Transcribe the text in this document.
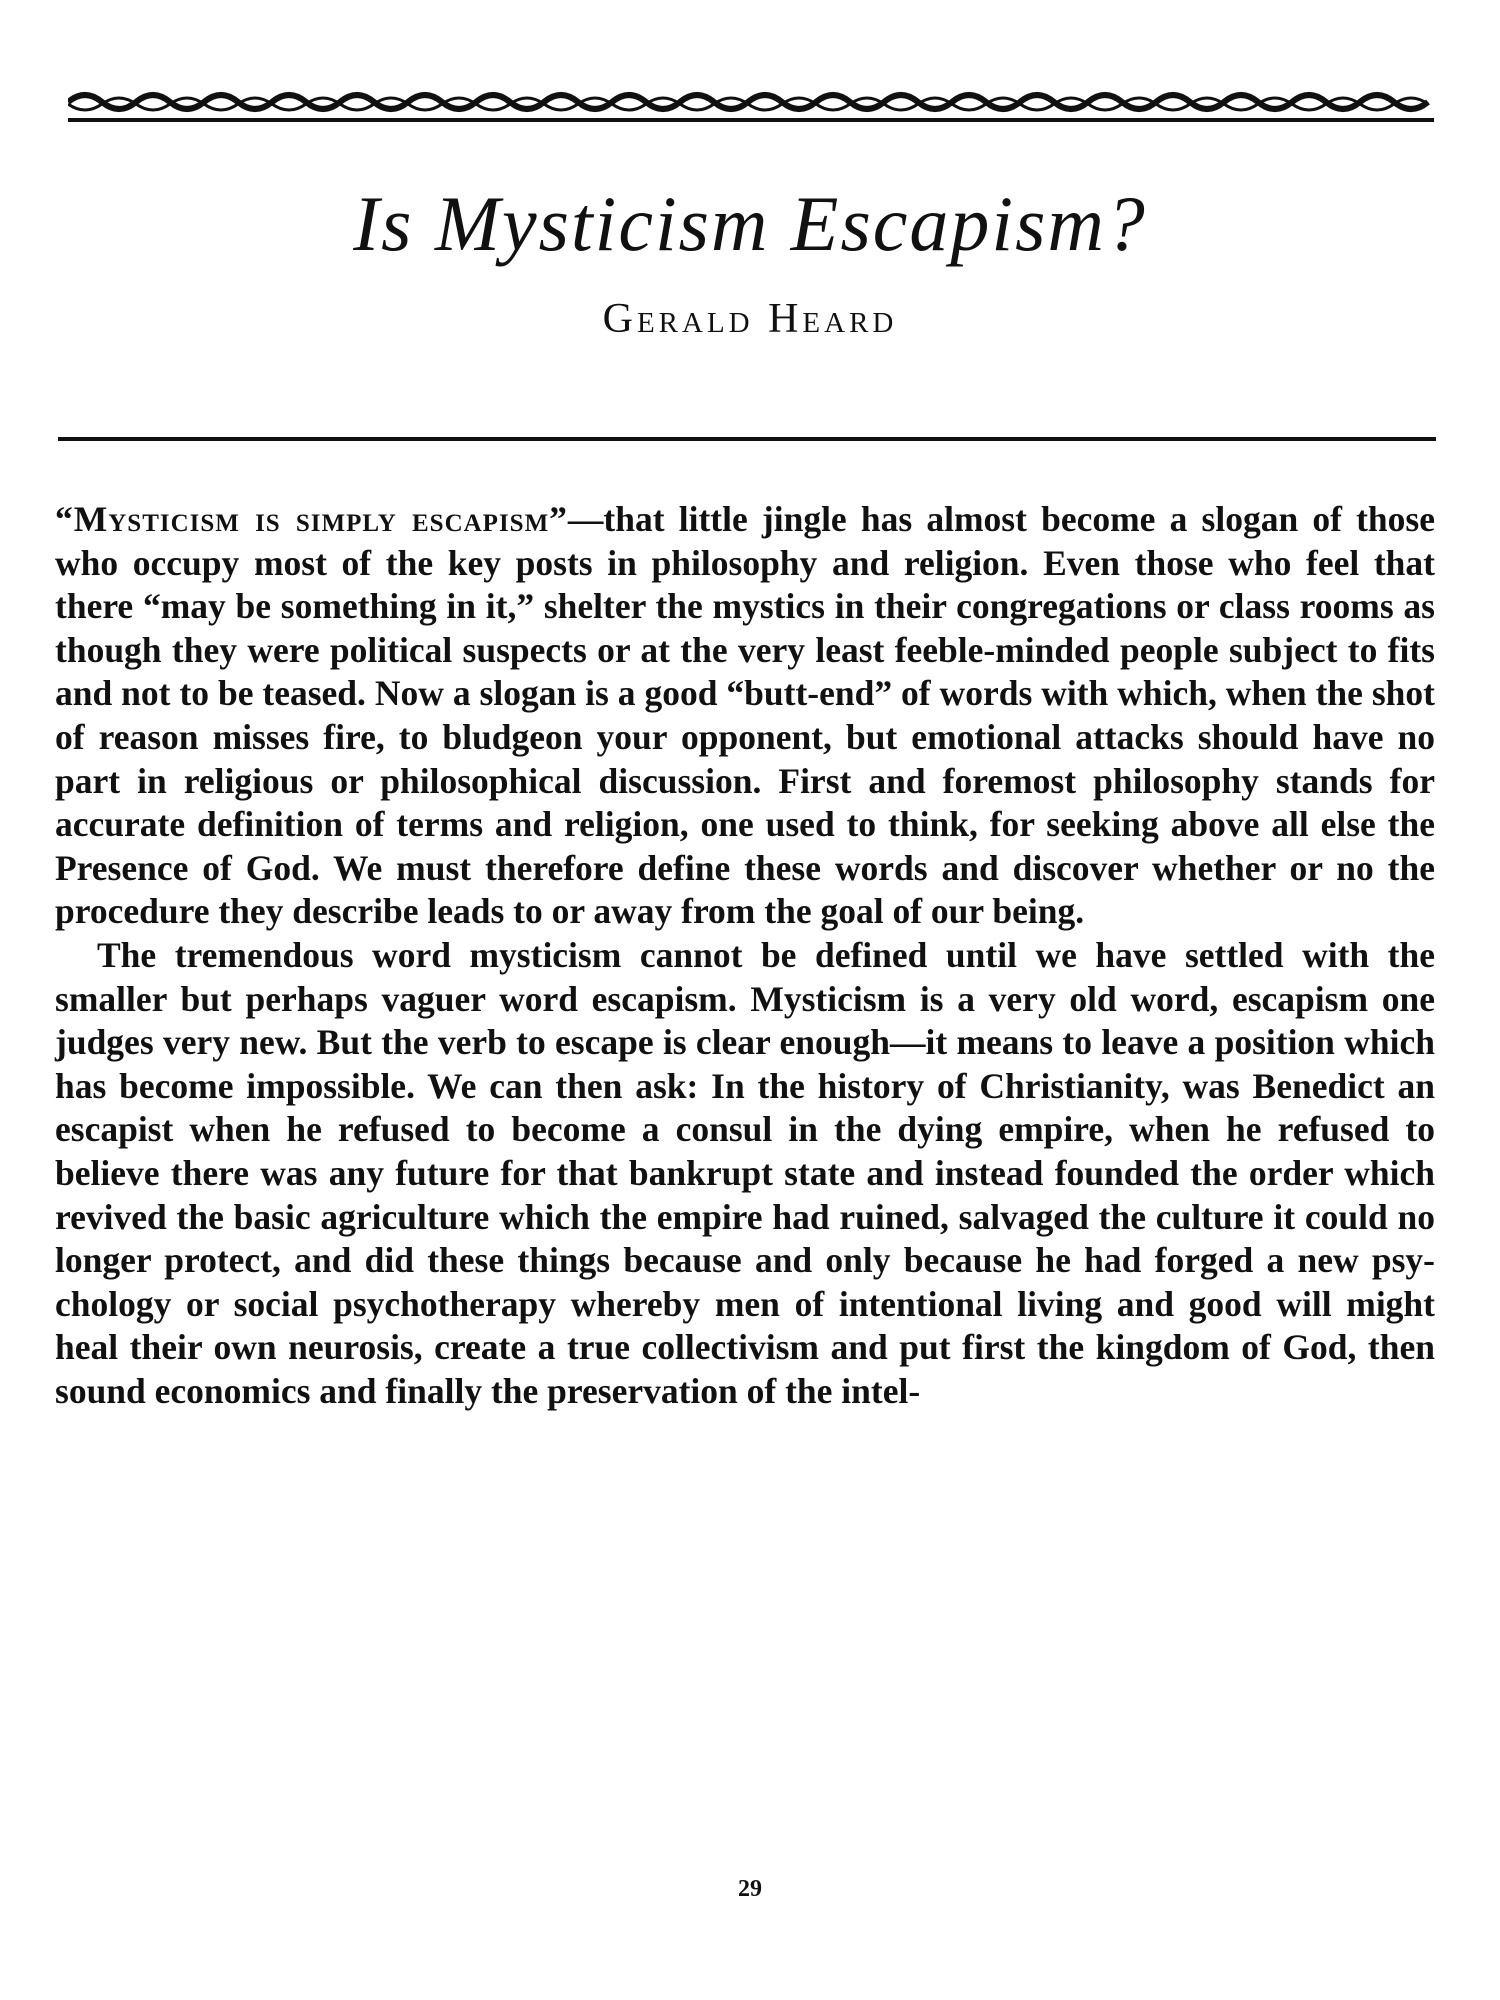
Is Mysticism Escapism?
Gerald Heard

“Mysticism is simply escapism”—that little jingle has almost become a slogan of those who occupy most of the key posts in philosophy and religion. Even those who feel that there “may be something in it,” shelter the mystics in their congregations or class rooms as though they were political suspects or at the very least feeble-minded people subject to fits and not to be teased. Now a slogan is a good “butt-end” of words with which, when the shot of reason misses fire, to bludgeon your opponent, but emotional attacks should have no part in religious or philosophical discussion. First and foremost philosophy stands for accurate definition of terms and religion, one used to think, for seeking above all else the Presence of God. We must therefore define these words and discover whether or no the procedure they describe leads to or away from the goal of our being.

The tremendous word mysticism cannot be defined until we have settled with the smaller but perhaps vaguer word escapism. Mysticism is a very old word, escapism one judges very new. But the verb to escape is clear enough—it means to leave a position which has become impossible. We can then ask: In the history of Christianity, was Benedict an escapist when he refused to become a consul in the dying empire, when he refused to believe there was any future for that bankrupt state and instead founded the order which revived the basic agriculture which the empire had ruined, salvaged the culture it could no longer protect, and did these things because and only because he had forged a new psychology or social psychotherapy whereby men of intentional living and good will might heal their own neurosis, create a true collectivism and put first the kingdom of God, then sound economics and finally the preservation of the intel-

29
